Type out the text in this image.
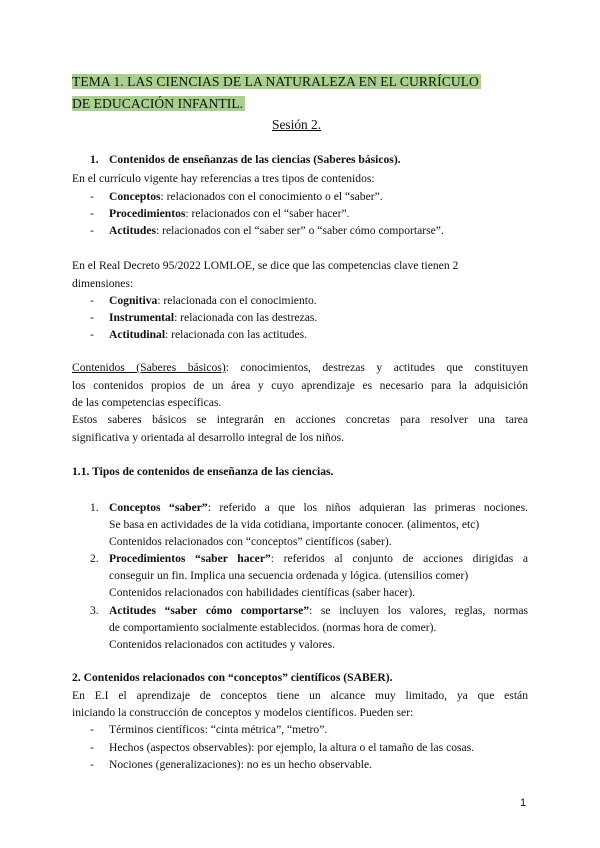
TEMA 1. LAS CIENCIAS DE LA NATURALEZA EN EL CURRÍCULO
DE EDUCACIÓN INFANTIL.
Sesión 2.
1. Contenidos de enseñanzas de las ciencias (Saberes básicos).
En el currículo vigente hay referencias a tres tipos de contenidos:
- Conceptos: relacionados con el conocimiento o el “saber”.
- Procedimientos: relacionados con el “saber hacer”.
- Actitudes: relacionados con el “saber ser” o “saber cómo comportarse”.
En el Real Decreto 95/2022 LOMLOE, se dice que las competencias clave tienen 2
dimensiones:
- Cognitiva: relacionada con el conocimiento.
- Instrumental: relacionada con las destrezas.
- Actitudinal: relacionada con las actitudes.
Contenidos (Saberes básicos): conocimientos, destrezas y actitudes que constituyen
los contenidos propios de un área y cuyo aprendizaje es necesario para la adquisición
de las competencias específicas.
Estos saberes básicos se integrarán en acciones concretas para resolver una tarea
significativa y orientada al desarrollo integral de los niños.
1.1. Tipos de contenidos de enseñanza de las ciencias.
1. Conceptos “saber”: referido a que los niños adquieran las primeras nociones.
Se basa en actividades de la vida cotidiana, importante conocer. (alimentos, etc)
Contenidos relacionados con “conceptos” científicos (saber).
2. Procedimientos “saber hacer”: referidos al conjunto de acciones dirigidas a
conseguir un fin. Implica una secuencia ordenada y lógica. (utensilios comer)
Contenidos relacionados con habilidades científicas (saber hacer).
3. Actitudes “saber cómo comportarse”: se incluyen los valores, reglas, normas
de comportamiento socialmente establecidos. (normas hora de comer).
Contenidos relacionados con actitudes y valores.
2. Contenidos relacionados con “conceptos” científicos (SABER).
En E.I el aprendizaje de conceptos tiene un alcance muy limitado, ya que están
iniciando la construcción de conceptos y modelos científicos. Pueden ser:
- Términos científicos: “cinta métrica”, “metro”.
- Hechos (aspectos observables): por ejemplo, la altura o el tamaño de las cosas.
- Nociones (generalizaciones): no es un hecho observable.
1
